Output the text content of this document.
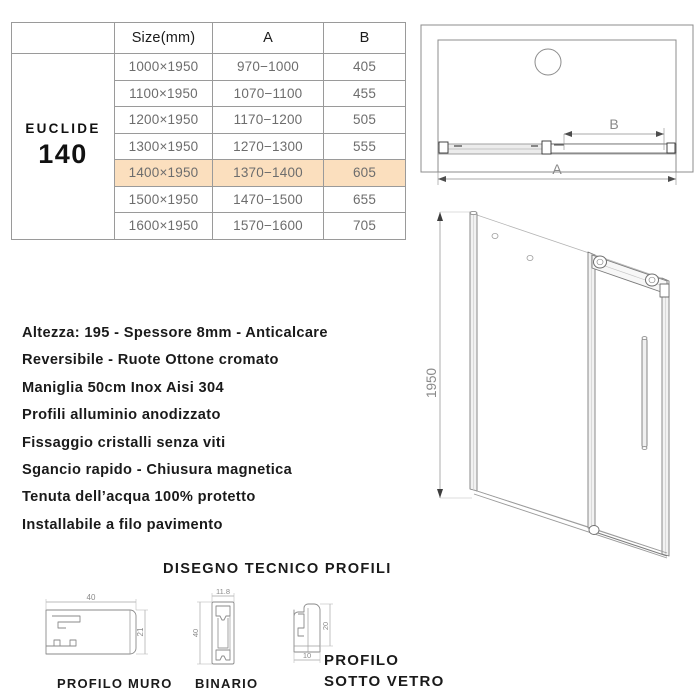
	Size(mm)	A	B

EUCLIDE
140	1000×1950	970−1000	405
	1100×1950	1070−1100	455
	1200×1950	1170−1200	505
	1300×1950	1270−1300	555
	1400×1950	1370−1400	605
	1500×1950	1470−1500	655
	1600×1950	1570−1600	705
B
A
1950
Altezza: 195 - Spessore 8mm - Anticalcare
Reversibile - Ruote Ottone cromato
Maniglia 50cm Inox Aisi 304
Profili alluminio anodizzato
Fissaggio cristalli senza viti
Sgancio rapido - Chiusura magnetica
Tenuta dell’acqua 100% protetto
Installabile a filo pavimento
DISEGNO TECNICO PROFILI
40
21
PROFILO MURO
11.8
40
BINARIO
20
10 PROFILO
SOTTO VETRO
